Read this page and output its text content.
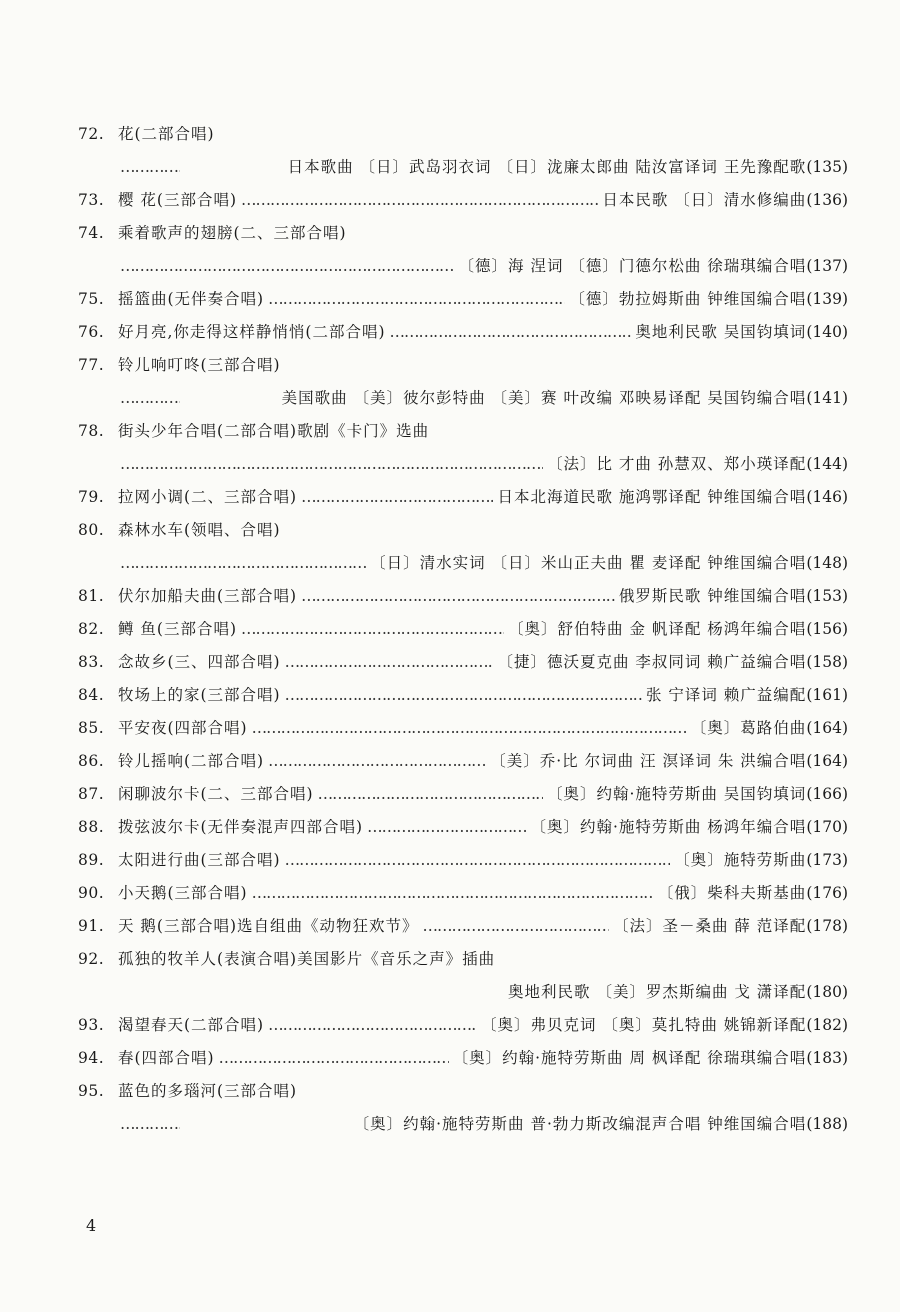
72. 花(二部合唱)
……………………………………………………………………………………………………………………………………………………………………………………………………
日本歌曲 〔日〕武岛羽衣词 〔日〕泷廉太郎曲 陆汝富译词 王先豫配歌 (135)
73. 樱 花(三部合唱) ……………………………………………………………………………………………………………………………………………………………………………………………………	日本民歌 〔日〕清水修编曲 (136)
74. 乘着歌声的翅膀(二、三部合唱)
……………………………………………………………………………………………………………………………………………………………………………………………………
〔德〕海 涅词 〔德〕门德尔松曲 徐瑞琪编合唱 (137)
75. 摇篮曲(无伴奏合唱) ……………………………………………………………………………………………………………………………………………………………………………………………………	〔德〕勃拉姆斯曲 钟维国编合唱 (139)
76. 好月亮,你走得这样静悄悄(二部合唱) ……………………………………………………………………………………………………………………………………………………………………………………………………	奥地利民歌 吴国钧填词 (140)
77. 铃儿响叮咚(三部合唱)
……………………………………………………………………………………………………………………………………………………………………………………………………
美国歌曲 〔美〕彼尔彭特曲 〔美〕赛 叶改编 邓映易译配 吴国钧编合唱 (141)
78. 街头少年合唱(二部合唱)歌剧《卡门》选曲
……………………………………………………………………………………………………………………………………………………………………………………………………
〔法〕比 才曲 孙慧双、郑小瑛译配 (144)
79. 拉网小调(二、三部合唱) ……………………………………………………………………………………………………………………………………………………………………………………………………	日本北海道民歌 施鸿鄂译配 钟维国编合唱 (146)
80. 森林水车(领唱、合唱)
……………………………………………………………………………………………………………………………………………………………………………………………………
〔日〕清水实词 〔日〕米山正夫曲 瞿 麦译配 钟维国编合唱 (148)
81. 伏尔加船夫曲(三部合唱) ……………………………………………………………………………………………………………………………………………………………………………………………………	俄罗斯民歌 钟维国编合唱 (153)
82. 鳟 鱼(三部合唱) ……………………………………………………………………………………………………………………………………………………………………………………………………	〔奥〕舒伯特曲 金 帆译配 杨鸿年编合唱 (156)
83. 念故乡(三、四部合唱) ……………………………………………………………………………………………………………………………………………………………………………………………………	〔捷〕德沃夏克曲 李叔同词 赖广益编合唱 (158)
84. 牧场上的家(三部合唱) ……………………………………………………………………………………………………………………………………………………………………………………………………	张 宁译词 赖广益编配 (161)
85. 平安夜(四部合唱) ……………………………………………………………………………………………………………………………………………………………………………………………………	〔奥〕葛路伯曲 (164)
86. 铃儿摇响(二部合唱) ……………………………………………………………………………………………………………………………………………………………………………………………………	〔美〕乔·比 尔词曲 汪 溟译词 朱 洪编合唱 (164)
87. 闲聊波尔卡(二、三部合唱) ……………………………………………………………………………………………………………………………………………………………………………………………………	〔奥〕约翰·施特劳斯曲 吴国钧填词 (166)
88. 拨弦波尔卡(无伴奏混声四部合唱) ……………………………………………………………………………………………………………………………………………………………………………………………………	〔奥〕约翰·施特劳斯曲 杨鸿年编合唱 (170)
89. 太阳进行曲(三部合唱) ……………………………………………………………………………………………………………………………………………………………………………………………………	〔奥〕施特劳斯曲 (173)
90. 小天鹅(三部合唱) ……………………………………………………………………………………………………………………………………………………………………………………………………	〔俄〕柴科夫斯基曲 (176)
91. 天 鹅(三部合唱)选自组曲《动物狂欢节》 ……………………………………………………………………………………………………………………………………………………………………………………………………	〔法〕圣－桑曲 薛 范译配 (178)
92. 孤独的牧羊人(表演合唱)美国影片《音乐之声》插曲
奥地利民歌 〔美〕罗杰斯编曲 戈 潇译配 (180)
93. 渴望春天(二部合唱) ……………………………………………………………………………………………………………………………………………………………………………………………………	〔奥〕弗贝克词 〔奥〕莫扎特曲 姚锦新译配 (182)
94. 春(四部合唱) ……………………………………………………………………………………………………………………………………………………………………………………………………	〔奥〕约翰·施特劳斯曲 周 枫译配 徐瑞琪编合唱 (183)
95. 蓝色的多瑙河(三部合唱)
……………………………………………………………………………………………………………………………………………………………………………………………………
〔奥〕约翰·施特劳斯曲 普·勃力斯改编混声合唱 钟维国编合唱 (188)
4
